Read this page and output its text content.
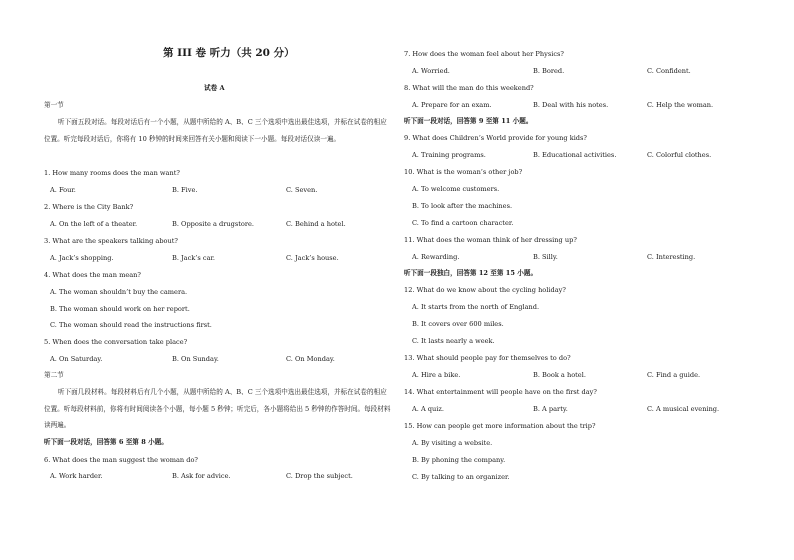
第 III 卷 听力（共 20 分）
试卷 A
第一节
听下面五段对话。每段对话后有一个小题，从题中所给的 A、B、C 三个选项中选出最佳选项，并标在试卷的相应位置。听完每段对话后，你将有 10 秒钟的时间来回答有关小题和阅读下一小题。每段对话仅读一遍。
1. How many rooms does the man want?
A. Four.	B. Five.	C. Seven.
2. Where is the City Bank?
A. On the left of a theater.	B. Opposite a drugstore.	C. Behind a hotel.
3. What are the speakers talking about?
A. Jack’s shopping.	B. Jack’s car.	C. Jack’s house.
4. What does the man mean?
A. The woman shouldn’t buy the camera.
B. The woman should work on her report.
C. The woman should read the instructions first.
5. When does the conversation take place?
A. On Saturday.	B. On Sunday.	C. On Monday.
第二节
听下面几段材料。每段材料后有几个小题，从题中所给的 A、B、C 三个选项中选出最佳选项，并标在试卷的相应位置。听每段材料前，你将有时间阅读各个小题，每小题 5 秒钟；听完后，各小题将给出 5 秒钟的作答时间。每段材料读两遍。
听下面一段对话，回答第 6 至第 8 小题。
6. What does the man suggest the woman do?
A. Work harder.	B. Ask for advice.	C. Drop the subject.
7. How does the woman feel about her Physics?
A. Worried.	B. Bored.	C. Confident.
8. What will the man do this weekend?
A. Prepare for an exam.	B. Deal with his notes.	C. Help the woman.
听下面一段对话，回答第 9 至第 11 小题。
9. What does Children’s World provide for young kids?
A. Training programs.	B. Educational activities.	C. Colorful clothes.
10. What is the woman’s other job?
A. To welcome customers.
B. To look after the machines.
C. To find a cartoon character.
11. What does the woman think of her dressing up?
A. Rewarding.	B. Silly.	C. Interesting.
听下面一段独白，回答第 12 至第 15 小题。
12. What do we know about the cycling holiday?
A. It starts from the north of England.
B. It covers over 600 miles.
C. It lasts nearly a week.
13. What should people pay for themselves to do?
A. Hire a bike.	B. Book a hotel.	C. Find a guide.
14. What entertainment will people have on the first day?
A. A quiz.	B. A party.	C. A musical evening.
15. How can people get more information about the trip?
A. By visiting a website.
B. By phoning the company.
C. By talking to an organizer.
